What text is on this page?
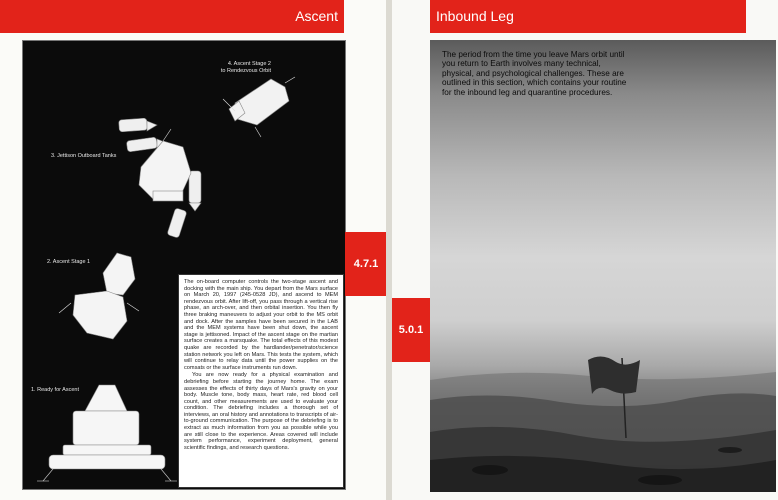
Ascent
4. Ascent Stage 2
to Rendezvous Orbit
3. Jettison Outboard Tanks
2. Ascent Stage 1
1. Ready for Ascent

The on-board computer controls the two-stage ascent and docking with the main ship. You depart from the Mars surface on March 20, 1997 (245-0528 JD), and ascend to MEM rendezvous orbit. After lift-off, you pass through a vertical rise phase, an arch-over, and then orbital insertion. You then fly three braking maneuvers to adjust your orbit to the MS orbit and dock. After the samples have been secured in the LAB and the MEM systems have been shut down, the ascent stage is jettisoned. Impact of the ascent stage on the martian surface creates a marsquake. The total effects of this modest quake are recorded by the hardlander/penetrator/science station network you left on Mars. This tests the system, which will continue to relay data until the power supplies on the comsats or the surface instruments run down.

You are now ready for a physical examination and debriefing before starting the journey home. The exam assesses the effects of thirty days of Mars's gravity on your body. Muscle tone, body mass, heart rate, red blood cell count, and other measurements are used to evaluate your condition. The debriefing includes a thorough set of interviews, an oral history and annotations to transcripts of air-to-ground communication. The purpose of the debriefing is to extract as much information from you as possible while you are still close to the experience. Areas covered will include system performance, experiment deployment, general scientific findings, and research questions.

4.7.1
Inbound Leg
The period from the time you leave Mars orbit until you return to Earth involves many technical, physical, and psychological challenges. These are outlined in this section, which contains your routine for the inbound leg and quarantine procedures.
5.0.1
